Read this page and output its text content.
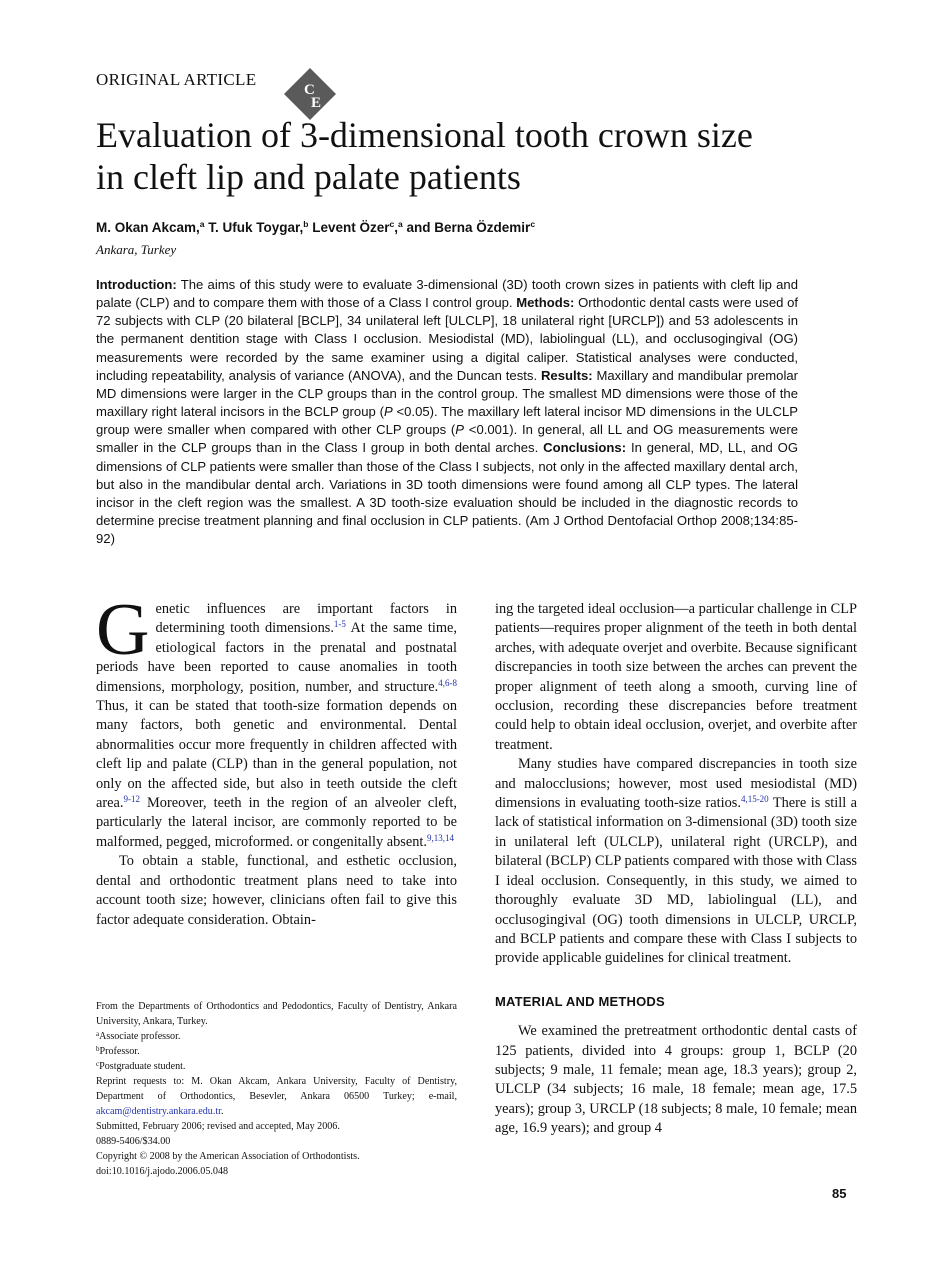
ORIGINAL ARTICLE
C
E
Evaluation of 3-dimensional tooth crown size
in cleft lip and palate patients
M. Okan Akcam,$^a$ T. Ufuk Toygar,$^b$ Levent Özer$^c$,$^a$ and Berna Özdemir$^c$
Ankara, Turkey

Introduction: The aims of this study were to evaluate 3-dimensional (3D) tooth crown sizes in patients with cleft lip and palate (CLP) and to compare them with those of a Class I control group. Methods: Orthodontic dental casts were used of 72 subjects with CLP (20 bilateral [BCLP], 34 unilateral left [ULCLP], 18 unilateral right [URCLP]) and 53 adolescents in the permanent dentition stage with Class I occlusion. Mesiodistal (MD), labiolingual (LL), and occlusogingival (OG) measurements were recorded by the same examiner using a digital caliper. Statistical analyses were conducted, including repeatability, analysis of variance (ANOVA), and the Duncan tests. Results: Maxillary and mandibular premolar MD dimensions were larger in the CLP groups than in the control group. The smallest MD dimensions were those of the maxillary right lateral incisors in the BCLP group (P <0.05). The maxillary left lateral incisor MD dimensions in the ULCLP group were smaller when compared with other CLP groups (P <0.001). In general, all LL and OG measurements were smaller in the CLP groups than in the Class I group in both dental arches. Conclusions: In general, MD, LL, and OG dimensions of CLP patients were smaller than those of the Class I subjects, not only in the affected maxillary dental arch, but also in the mandibular dental arch. Variations in 3D tooth dimensions were found among all CLP types. The lateral incisor in the cleft region was the smallest. A 3D tooth-size evaluation should be included in the diagnostic records to determine precise treatment planning and final occlusion in CLP patients. (Am J Orthod Dentofacial Orthop 2008;134:85-92)

Genetic influences are important factors in determining tooth dimensions.$^{1-5}$ At the same time, etiological factors in the prenatal and postnatal periods have been reported to cause anomalies in tooth dimensions, morphology, position, number, and structure.$^{4,6-8}$ Thus, it can be stated that tooth-size formation depends on many factors, both genetic and environmental. Dental abnormalities occur more frequently in children affected with cleft lip and palate (CLP) than in the general population, not only on the affected side, but also in teeth outside the cleft area.$^{9-12}$ Moreover, teeth in the region of an alveoler cleft, particularly the lateral incisor, are commonly reported to be malformed, pegged, microformed. or congenitally absent.$^{9,13,14}$

To obtain a stable, functional, and esthetic occlusion, dental and orthodontic treatment plans need to take into account tooth size; however, clinicians often fail to give this factor adequate consideration. Obtain-

ing the targeted ideal occlusion—a particular challenge in CLP patients—requires proper alignment of the teeth in both dental arches, with adequate overjet and overbite. Because significant discrepancies in tooth size between the arches can prevent the proper alignment of teeth along a smooth, curving line of occlusion, recording these discrepancies before treatment could help to obtain ideal occlusion, overjet, and overbite after treatment.

Many studies have compared discrepancies in tooth size and malocclusions; however, most used mesiodistal (MD) dimensions in evaluating tooth-size ratios.$^{4,15-20}$ There is still a lack of statistical information on 3-dimensional (3D) tooth size in unilateral left (ULCLP), unilateral right (URCLP), and bilateral (BCLP) CLP patients compared with those with Class I ideal occlusion. Consequently, in this study, we aimed to thoroughly evaluate 3D MD, labiolingual (LL), and occlusogingival (OG) tooth dimensions in ULCLP, URCLP, and BCLP patients and compare these with Class I subjects to provide applicable guidelines for clinical treatment.

MATERIAL AND METHODS

We examined the pretreatment orthodontic dental casts of 125 patients, divided into 4 groups: group 1, BCLP (20 subjects; 9 male, 11 female; mean age, 18.3 years); group 2, ULCLP (34 subjects; 16 male, 18 female; mean age, 17.5 years); group 3, URCLP (18 subjects; 8 male, 10 female; mean age, 16.9 years); and group 4

From the Departments of Orthodontics and Pedodontics, Faculty of Dentistry, Ankara University, Ankara, Turkey.
$^a$Associate professor.
$^b$Professor.
$^c$Postgraduate student.
Reprint requests to: M. Okan Akcam, Ankara University, Faculty of Dentistry, Department of Orthodontics, Besevler, Ankara 06500 Turkey; e-mail, akcam@dentistry.ankara.edu.tr.
Submitted, February 2006; revised and accepted, May 2006.
0889-5406/$34.00
Copyright © 2008 by the American Association of Orthodontists.
doi:10.1016/j.ajodo.2006.05.048
85
